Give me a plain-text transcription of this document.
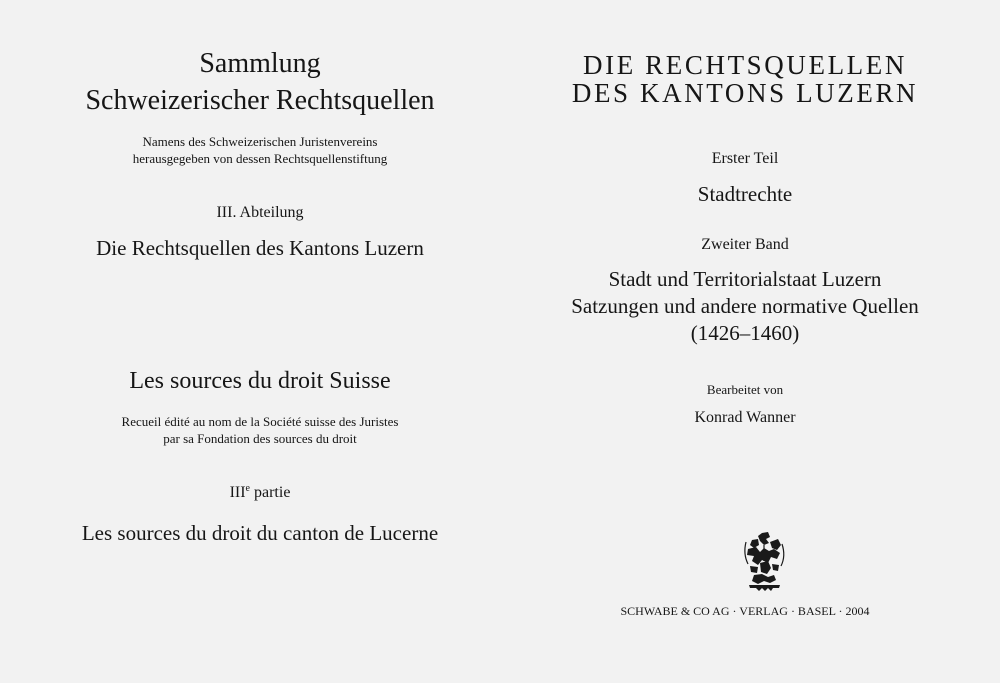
Sammlung
Schweizerischer Rechtsquellen
Namens des Schweizerischen Juristenvereins
herausgegeben von dessen Rechtsquellenstiftung
III. Abteilung
Die Rechtsquellen des Kantons Luzern
Les sources du droit Suisse
Recueil édité au nom de la Société suisse des Juristes
par sa Fondation des sources du droit
IIIe partie
Les sources du droit du canton de Lucerne
DIE RECHTSQUELLEN
DES KANTONS LUZERN
Erster Teil
Stadtrechte
Zweiter Band
Stadt und Territorialstaat Luzern
Satzungen und andere normative Quellen
(1426–1460)
Bearbeitet von
Konrad Wanner
SCHWABE & CO AG · VERLAG · BASEL · 2004
